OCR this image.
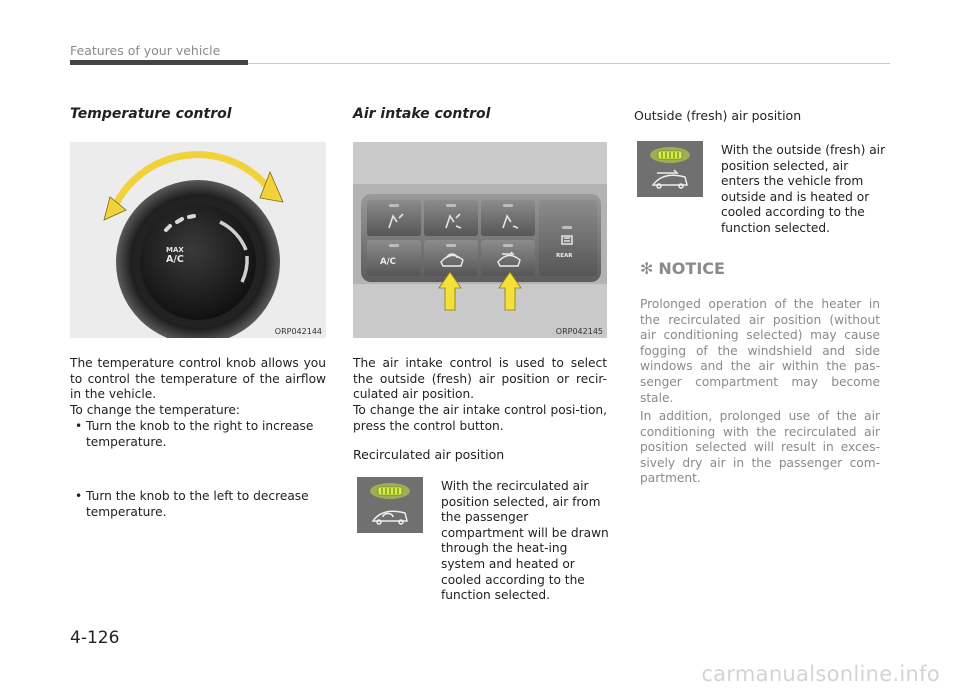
Features of your vehicle
Temperature control
MAX
A/C
ORP042144
The temperature control knob allows you to control the temperature of the airflow in the vehicle.
To change the temperature:
• Turn the knob to the right to increase temperature.
• Turn the knob to the left to decrease temperature.
Air intake control
A/C
REAR
ORP042145
The air intake control is used to select the outside (fresh) air position or recir-culated air position.
To change the air intake control posi-tion, press the control button.
Recirculated air position
With the recirculated air position selected, air from the passenger compartment will be drawn through the heat-ing system and heated or cooled according to the function selected.
Outside (fresh) air position
With the outside (fresh) air position selected, air enters the vehicle from outside and is heated or cooled according to the function selected.
✻ NOTICE
Prolonged operation of the heater in the recirculated air position (without air conditioning selected) may cause fogging of the windshield and side windows and the air within the pas-senger compartment may become stale.
In addition, prolonged use of the air conditioning with the recirculated air position selected will result in exces-sively dry air in the passenger com-partment.
4-126
carmanualsonline.info
